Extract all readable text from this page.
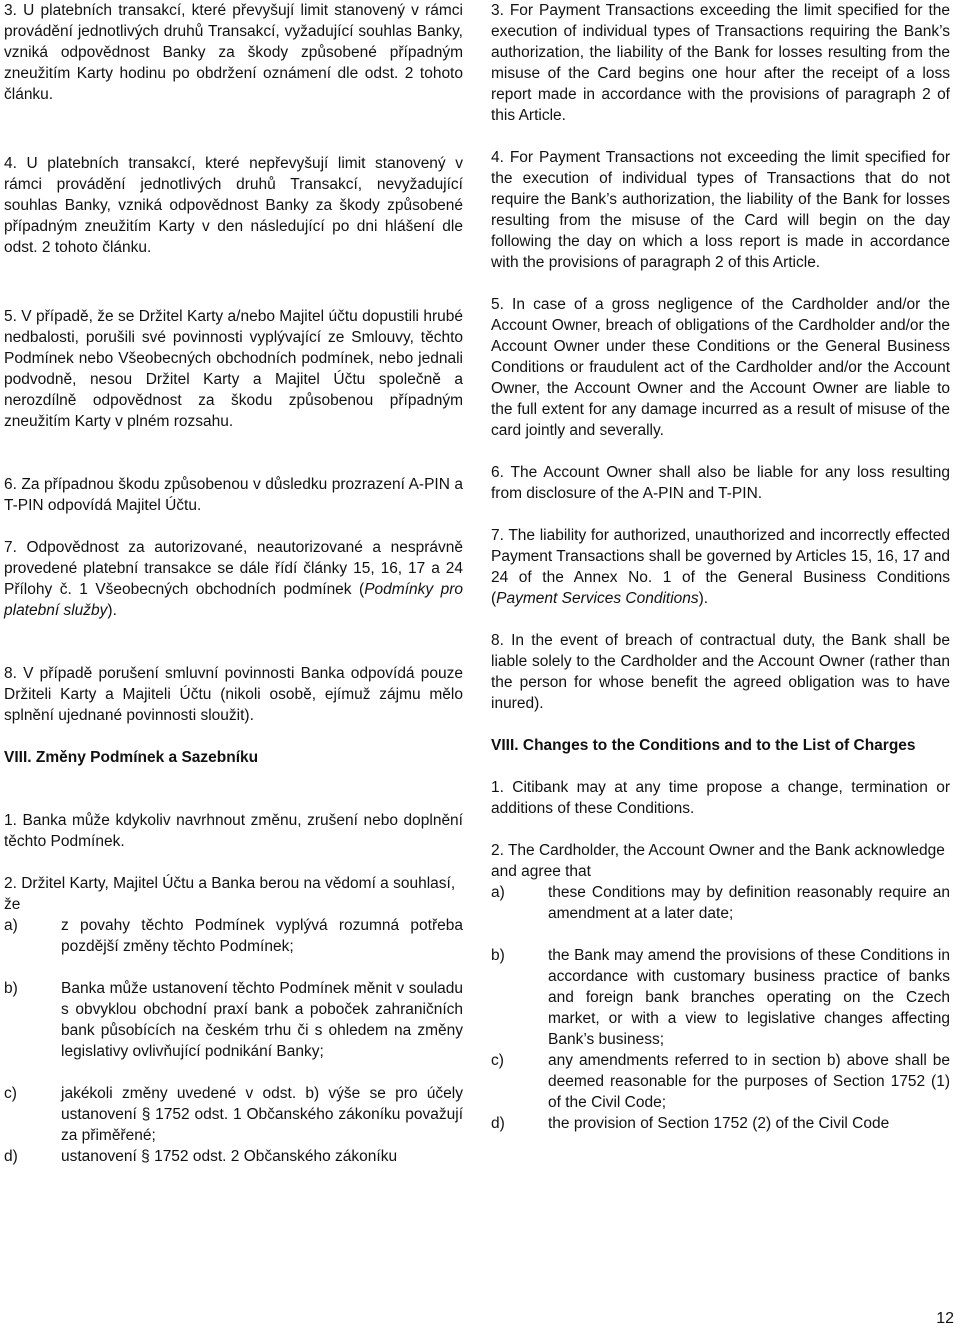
3. U platebních transakcí, které převyšují limit stanovený v rámci provádění jednotlivých druhů Transakcí, vyžadující souhlas Banky, vzniká odpovědnost Banky za škody způsobené případným zneužitím Karty hodinu po obdržení oznámení dle odst. 2 tohoto článku.

4. U platebních transakcí, které nepřevyšují limit stanovený v rámci provádění jednotlivých druhů Transakcí, nevyžadující souhlas Banky, vzniká odpovědnost Banky za škody způsobené případným zneužitím Karty v den následující po dni hlášení dle odst. 2 tohoto článku.

5. V případě, že se Držitel Karty a/nebo Majitel účtu dopustili hrubé nedbalosti, porušili své povinnosti vyplývající ze Smlouvy, těchto Podmínek nebo Všeobecných obchodních podmínek, nebo jednali podvodně, nesou Držitel Karty a Majitel Účtu společně a nerozdílně odpovědnost za škodu způsobenou případným zneužitím Karty v plném rozsahu.

6. Za případnou škodu způsobenou v důsledku prozrazení A-PIN a T-PIN odpovídá Majitel Účtu.

7. Odpovědnost za autorizované, neautorizované a nesprávně provedené platební transakce se dále řídí články 15, 16, 17 a 24 Přílohy č. 1 Všeobecných obchodních podmínek (Podmínky pro platební služby).

8. V případě porušení smluvní povinnosti Banka odpovídá pouze Držiteli Karty a Majiteli Účtu (nikoli osobě, ejímuž zájmu mělo splnění ujednané povinnosti sloužit).

VIII. Změny Podmínek a Sazebníku

1. Banka může kdykoliv navrhnout změnu, zrušení nebo doplnění těchto Podmínek.

2. Držitel Karty, Majitel Účtu a Banka berou na vědomí a souhlasí, že

a)	z povahy těchto Podmínek vyplývá rozumná potřeba pozdější změny těchto Podmínek;
b)	Banka může ustanovení těchto Podmínek měnit v souladu s obvyklou obchodní praxí bank a poboček zahraničních bank působících na českém trhu či s ohledem na změny legislativy ovlivňující podnikání Banky;
c)	jakékoli změny uvedené v odst. b) výše se pro účely ustanovení § 1752 odst. 1 Občanského zákoníku považují za přiměřené;
d)	ustanovení § 1752 odst. 2 Občanského zákoníku

3. For Payment Transactions exceeding the limit specified for the execution of individual types of Transactions requiring the Bank’s authorization, the liability of the Bank for losses resulting from the misuse of the Card begins one hour after the receipt of a loss report made in accordance with the provisions of paragraph 2 of this Article.

4. For Payment Transactions not exceeding the limit specified for the execution of individual types of Transactions that do not require the Bank’s authorization, the liability of the Bank for losses resulting from the misuse of the Card will begin on the day following the day on which a loss report is made in accordance with the provisions of paragraph 2 of this Article.

5. In case of a gross negligence of the Cardholder and/or the Account Owner, breach of obligations of the Cardholder and/or the Account Owner under these Conditions or the General Business Conditions or fraudulent act of the Cardholder and/or the Account Owner, the Account Owner and the Account Owner are liable to the full extent for any damage incurred as a result of misuse of the card jointly and severally.

6. The Account Owner shall also be liable for any loss resulting from disclosure of the A-PIN and T-PIN.

7. The liability for authorized, unauthorized and incorrectly effected Payment Transactions shall be governed by Articles 15, 16, 17 and 24 of the Annex No. 1 of the General Business Conditions (Payment Services Conditions).

8. In the event of breach of contractual duty, the Bank shall be liable solely to the Cardholder and the Account Owner (rather than the person for whose benefit the agreed obligation was to have inured).

VIII. Changes to the Conditions and to the List of Charges

1. Citibank may at any time propose a change, termination or additions of these Conditions.

2. The Cardholder, the Account Owner and the Bank acknowledge and agree that

a)	these Conditions may by definition reasonably require an amendment at a later date;
b)	the Bank may amend the provisions of these Conditions in accordance with customary business practice of banks and foreign bank branches operating on the Czech market, or with a view to legislative changes affecting Bank’s business;
c)	any amendments referred to in section b) above shall be deemed reasonable for the purposes of Section 1752 (1) of the Civil Code;
d)	the provision of Section 1752 (2) of the Civil Code
12
